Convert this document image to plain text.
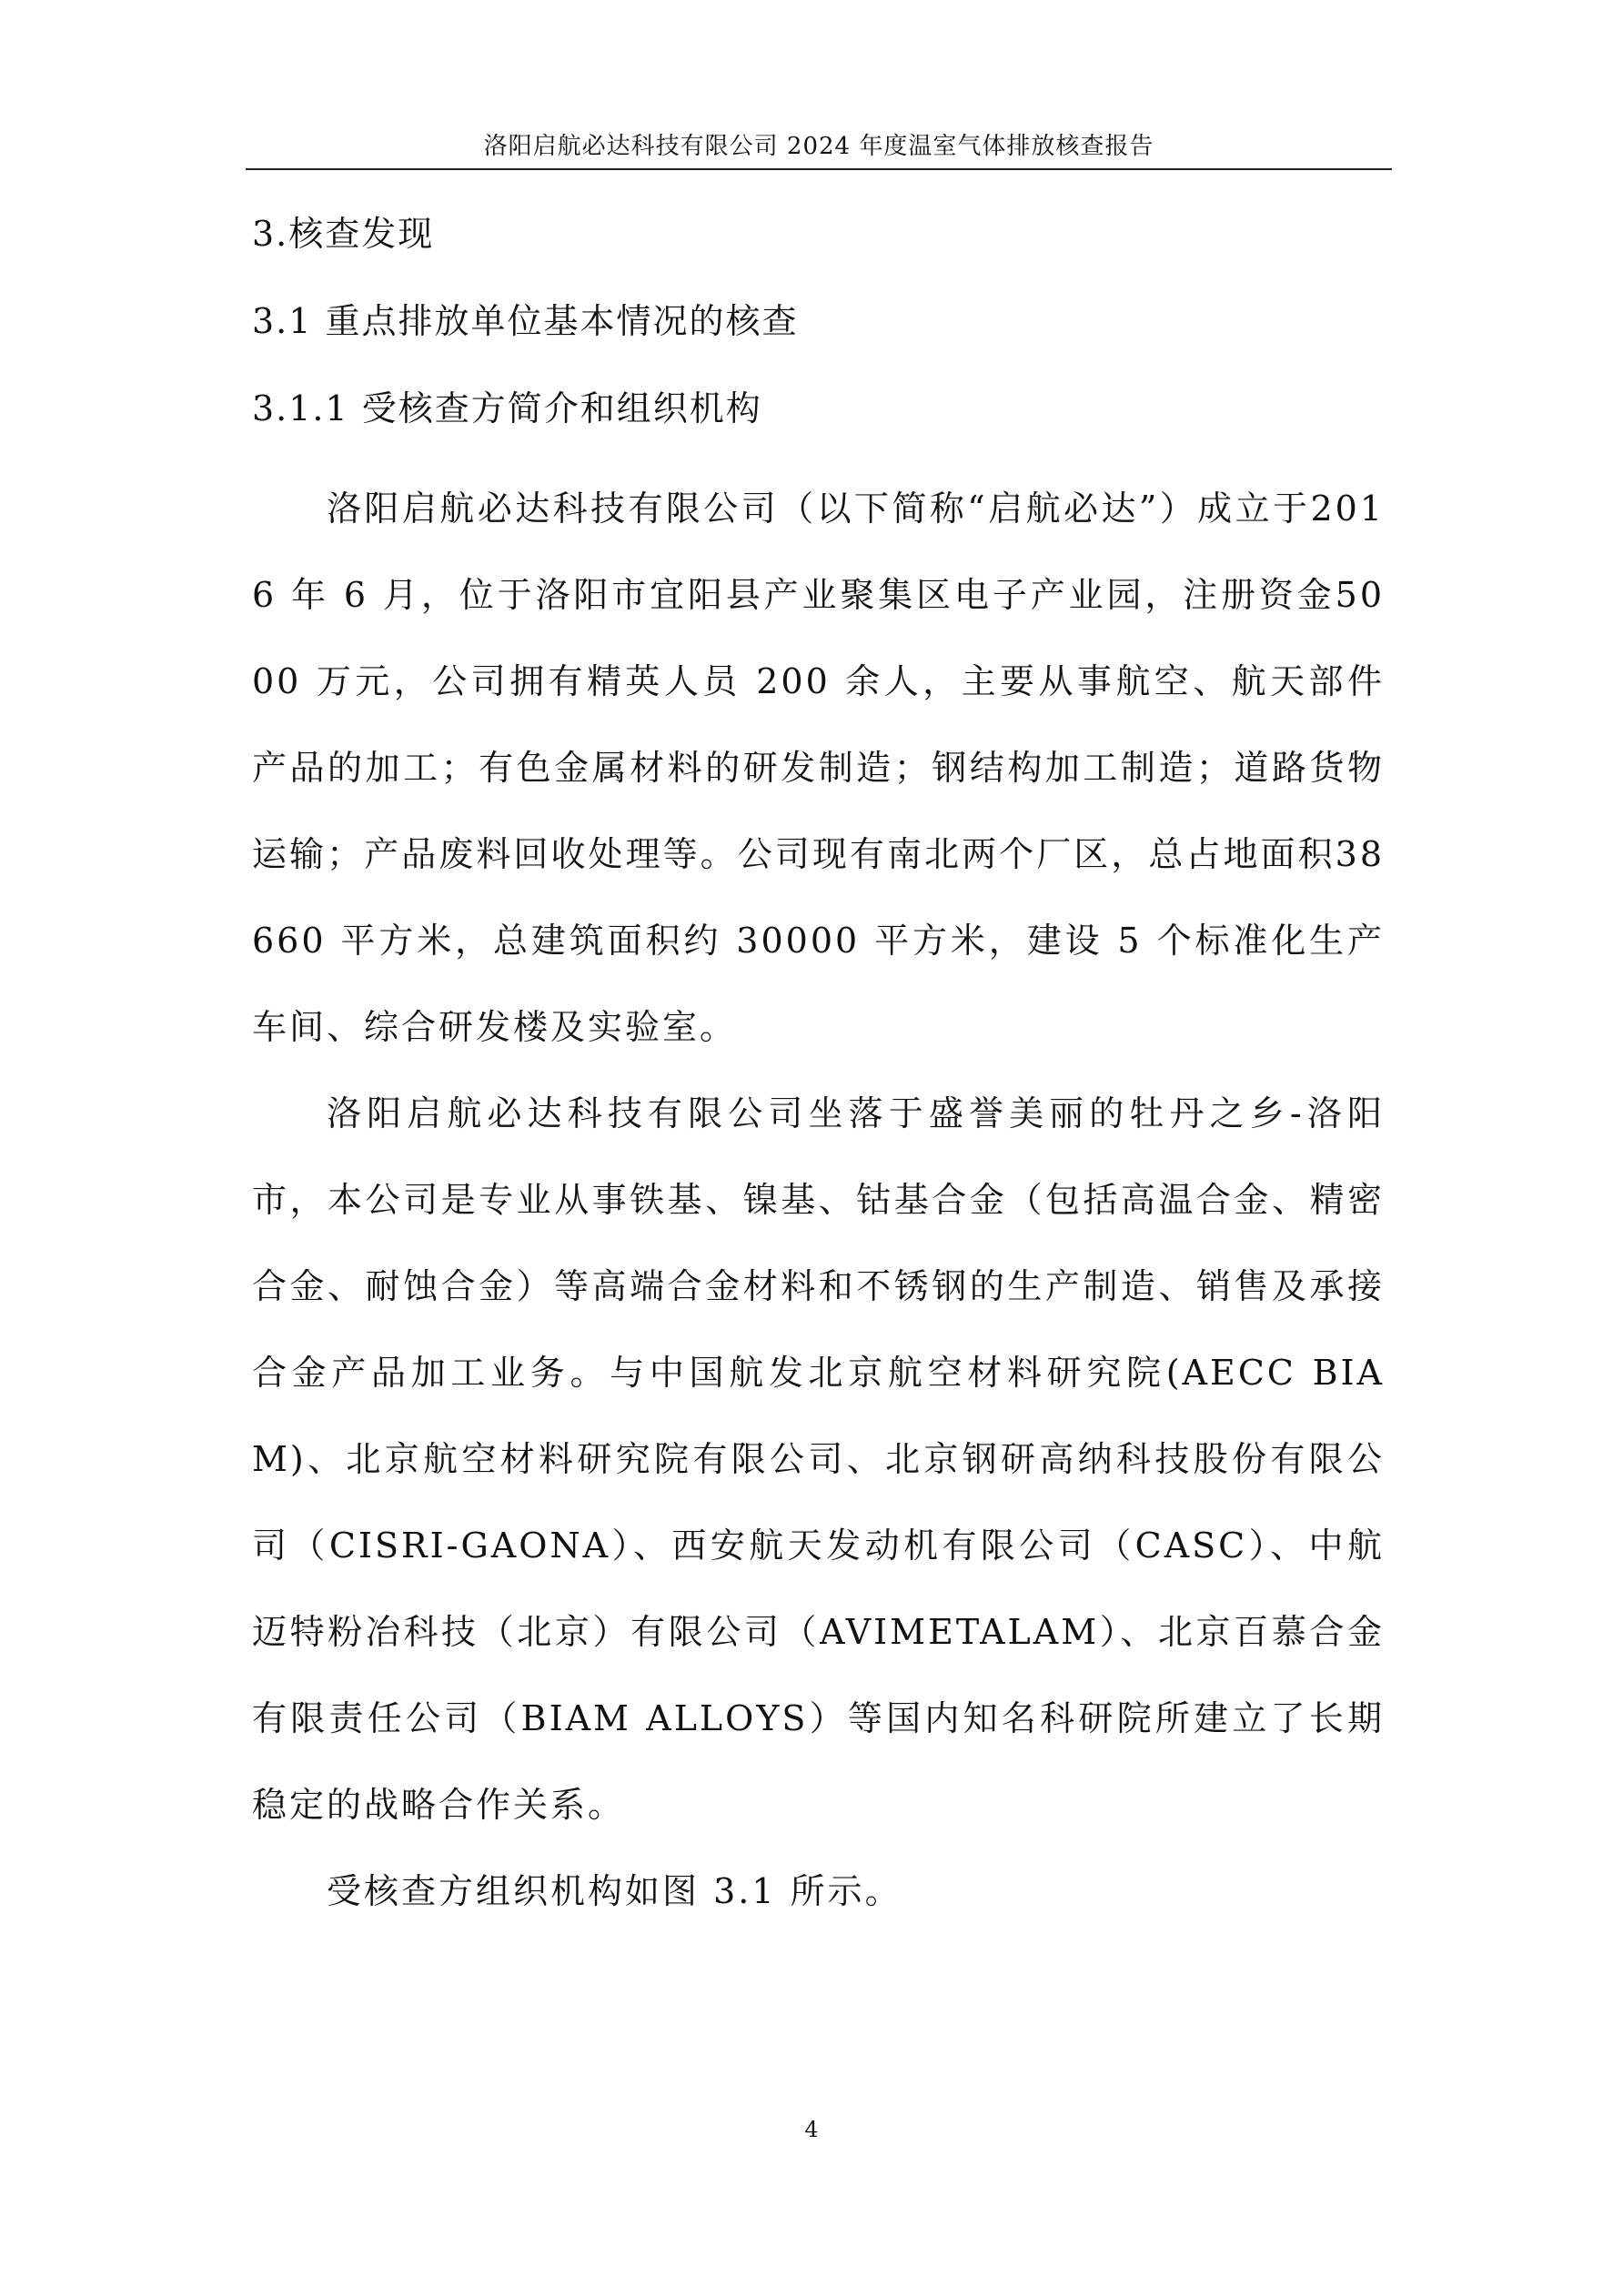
洛阳启航必达科技有限公司 2024 年度温室气体排放核查报告
3.核查发现
3.1 重点排放单位基本情况的核查
3.1.1 受核查方简介和组织机构

洛阳启航必达科技有限公司（以下简称“启航必达”）成立于2016 年 6 月，位于洛阳市宜阳县产业聚集区电子产业园，注册资金5000 万元，公司拥有精英人员 200 余人，主要从事航空、航天部件产品的加工；有色金属材料的研发制造；钢结构加工制造；道路货物运输；产品废料回收处理等。公司现有南北两个厂区，总占地面积38660 平方米，总建筑面积约 30000 平方米，建设 5 个标准化生产车间、综合研发楼及实验室。

洛阳启航必达科技有限公司坐落于盛誉美丽的牡丹之乡-洛阳市，本公司是专业从事铁基、镍基、钴基合金（包括高温合金、精密合金、耐蚀合金）等高端合金材料和不锈钢的生产制造、销售及承接合金产品加工业务。与中国航发北京航空材料研究院(AECC BIAM)、北京航空材料研究院有限公司、北京钢研高纳科技股份有限公司（CISRI-GAONA）、西安航天发动机有限公司（CASC）、中航迈特粉冶科技（北京）有限公司（AVIMETALAM）、北京百慕合金有限责任公司（BIAM ALLOYS）等国内知名科研院所建立了长期稳定的战略合作关系。

受核查方组织机构如图 3.1 所示。

4
